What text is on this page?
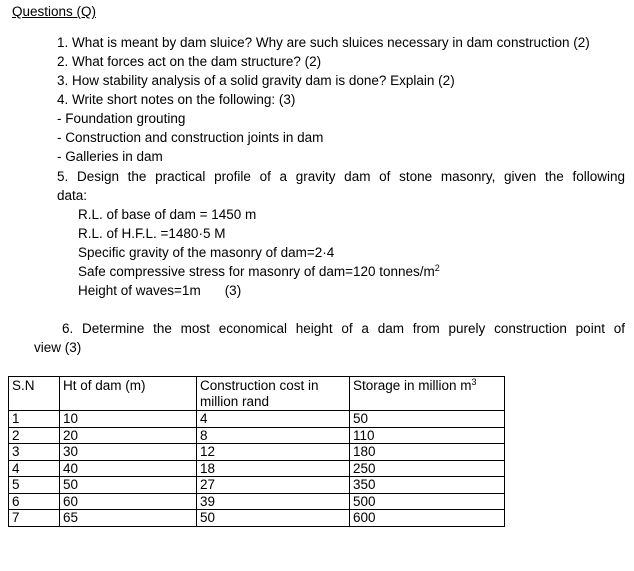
Questions (Q)
1. What is meant by dam sluice? Why are such sluices necessary in dam construction (2)
2. What forces act on the dam structure? (2)
3. How stability analysis of a solid gravity dam is done? Explain (2)
4. Write short notes on the following: (3)
- Foundation grouting
- Construction and construction joints in dam
- Galleries in dam
5. Design the practical profile of a gravity dam of stone masonry, given the following
data:
R.L. of base of dam = 1450 m
R.L. of H.F.L. =1480·5 M
Specific gravity of the masonry of dam=2·4
Safe compressive stress for masonry of dam=120 tonnes/$m^2$
Height of waves=1m (3)
6. Determine the most economical height of a dam from purely construction point of
view (3)
S.N	Ht of dam (m)	Construction cost in million rand	Storage in million $m^3$
1	10	4	50
2	20	8	110
3	30	12	180
4	40	18	250
5	50	27	350
6	60	39	500
7	65	50	600
